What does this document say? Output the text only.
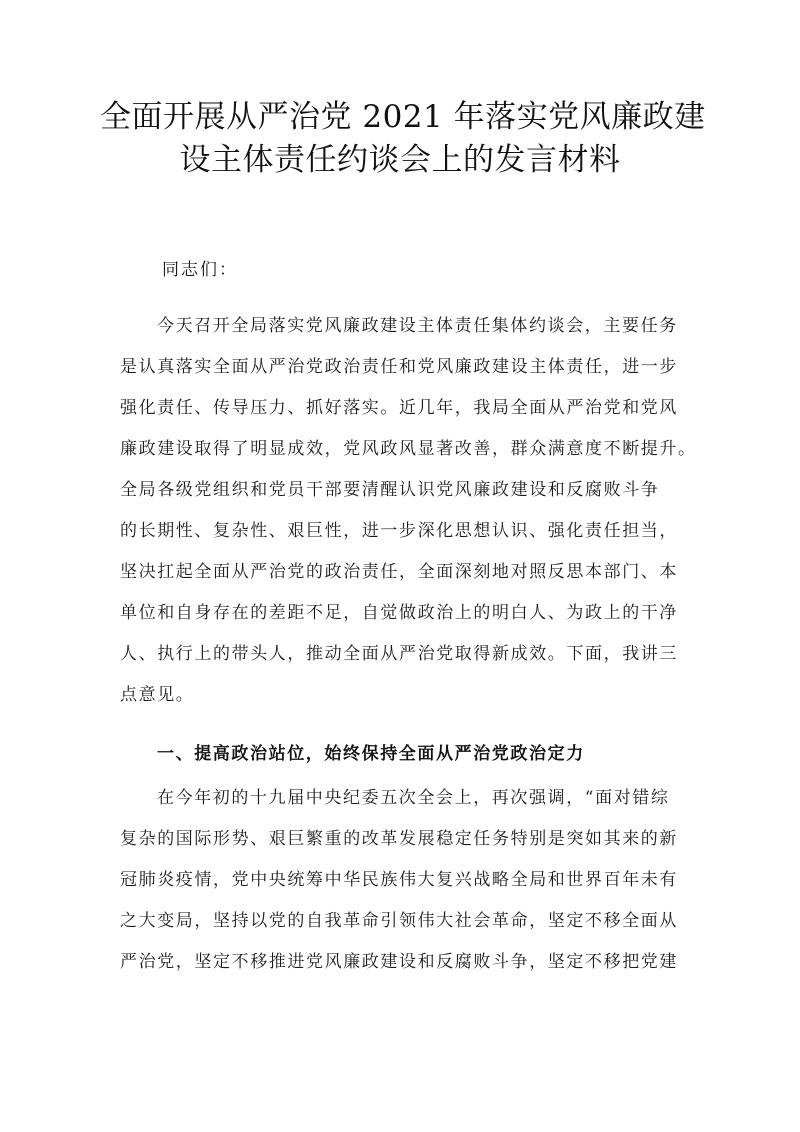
全面开展从严治党 2021 年落实党风廉政建
设主体责任约谈会上的发言材料
同志们：
今天召开全局落实党风廉政建设主体责任集体约谈会，主要任务
是认真落实全面从严治党政治责任和党风廉政建设主体责任，进一步
强化责任、传导压力、抓好落实。近几年，我局全面从严治党和党风
廉政建设取得了明显成效，党风政风显著改善，群众满意度不断提升。
全局各级党组织和党员干部要清醒认识党风廉政建设和反腐败斗争
的长期性、复杂性、艰巨性，进一步深化思想认识、强化责任担当，
坚决扛起全面从严治党的政治责任，全面深刻地对照反思本部门、本
单位和自身存在的差距不足，自觉做政治上的明白人、为政上的干净
人、执行上的带头人，推动全面从严治党取得新成效。下面，我讲三
点意见。
一、提高政治站位，始终保持全面从严治党政治定力
在今年初的十九届中央纪委五次全会上，再次强调，“面对错综
复杂的国际形势、艰巨繁重的改革发展稳定任务特别是突如其来的新
冠肺炎疫情，党中央统筹中华民族伟大复兴战略全局和世界百年未有
之大变局，坚持以党的自我革命引领伟大社会革命，坚定不移全面从
严治党，坚定不移推进党风廉政建设和反腐败斗争，坚定不移把党建
